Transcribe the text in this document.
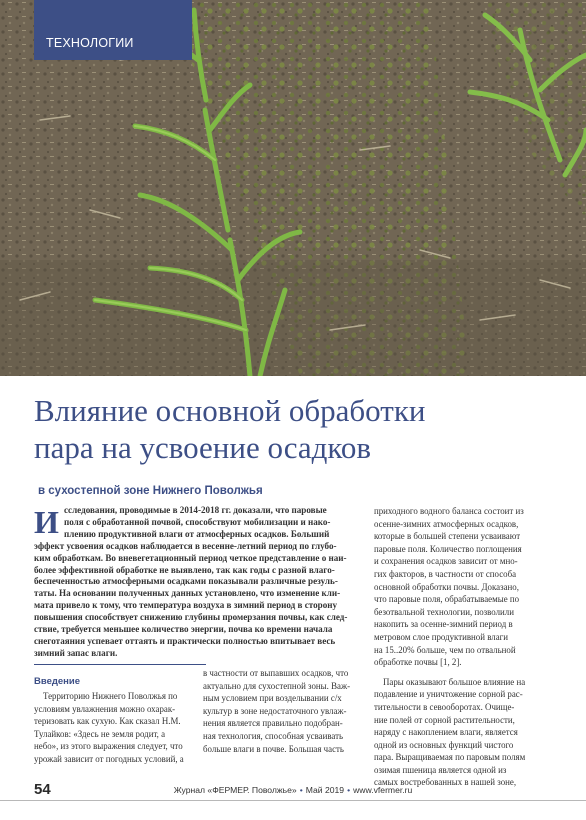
ТЕХНОЛОГИИ
Влияние основной обработки
пара на усвоение осадков
в сухостепной зоне Нижнего Поволжья
И сследования, проводимые в 2014-2018 гг. доказали, что паровые
поля с обработанной почвой, способствуют мобилизации и нако-
плению продуктивной влаги от атмосферных осадков. Больший
эффект усвоения осадков наблюдается в весенне-летний период по глубо-
ким обработкам. Во вневегетационный период четкое представление о наи-
более эффективной обработке не выявлено, так как годы с разной влаго-
беспеченностью атмосферными осадками показывали различные резуль-
таты. На основании полученных данных установлено, что изменение кли-
мата привело к тому, что температура воздуха в зимний период в сторону
повышения способствует снижению глубины промерзания почвы, как след-
ствие, требуется меньшее количество энергии, почва ко времени начала
снеготаяния успевает оттаять и практически полностью впитывает весь
зимний запас влаги.
Введение
Территорию Нижнего Поволжья по
условиям увлажнения можно охарак-
теризовать как сухую. Как сказал Н.М.
Тулайков: «Здесь не земля родит, а
небо», из этого выражения следует, что
урожай зависит от погодных условий, а
в частности от выпавших осадков, что
актуально для сухостепной зоны. Важ-
ным условием при возделывании с/х
культур в зоне недостаточного увлаж-
нения является правильно подобран-
ная технология, способная усваивать
больше влаги в почве. Большая часть
приходного водного баланса состоит из
осенне-зимних атмосферных осадков,
которые в большей степени усваивают
паровые поля. Количество поглощения
и сохранения осадков зависит от мно-
гих факторов, в частности от способа
основной обработки почвы. Доказано,
что паровые поля, обрабатываемые по
безотвальной технологии, позволили
накопить за осенне-зимний период в
метровом слое продуктивной влаги
на 15..20% больше, чем по отвальной
обработке почвы [1, 2].
Пары оказывают большое влияние на
подавление и уничтожение сорной рас-
тительности в севооборотах. Очище-
ние полей от сорной растительности,
наряду с накоплением влаги, является
одной из основных функций чистого
пара. Выращиваемая по паровым полям
озимая пшеница является одной из
самых востребованных в нашей зоне,
54	Журнал «ФЕРМЕР. Поволжье» • Май 2019 • www.vfermer.ru
